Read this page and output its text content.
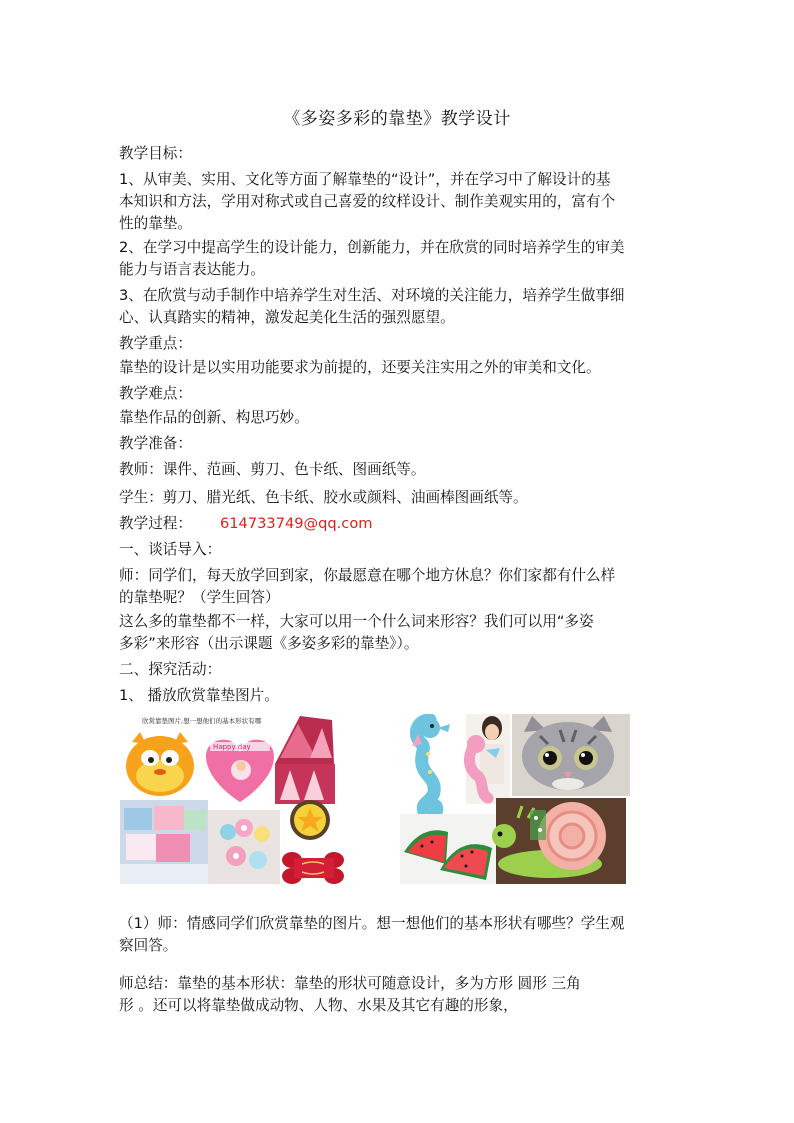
《多姿多彩的靠垫》教学设计
教学目标：
1、从审美、实用、文化等方面了解靠垫的“设计”，并在学习中了解设计的基
本知识和方法，学用对称式或自己喜爱的纹样设计、制作美观实用的，富有个
性的靠垫。
2、在学习中提高学生的设计能力，创新能力，并在欣赏的同时培养学生的审美
能力与语言表达能力。
3、在欣赏与动手制作中培养学生对生活、对环境的关注能力，培养学生做事细
心、认真踏实的精神，激发起美化生活的强烈愿望。
教学重点：
靠垫的设计是以实用功能要求为前提的，还要关注实用之外的审美和文化。
教学难点：
靠垫作品的创新、构思巧妙。
教学准备：
教师：课件、范画、剪刀、色卡纸、图画纸等。
学生：剪刀、腊光纸、色卡纸、胶水或颜料、油画棒图画纸等。
教学过程： 614733749@qq.com
一、谈话导入：
师：同学们，每天放学回到家，你最愿意在哪个地方休息？你们家都有什么样
的靠垫呢？（学生回答）
这么多的靠垫都不一样，大家可以用一个什么词来形容？我们可以用“多姿
多彩”来形容（出示课题《多姿多彩的靠垫》）。
二、探究活动：
1、 播放欣赏靠垫图片。
欣赏靠垫图片,想一想他们的基本形状有哪
Happy day
（1）师：情感同学们欣赏靠垫的图片。想一想他们的基本形状有哪些？学生观
察回答。
师总结：靠垫的基本形状：靠垫的形状可随意设计，多为方形 圆形 三角
形 。还可以将靠垫做成动物、人物、水果及其它有趣的形象，
